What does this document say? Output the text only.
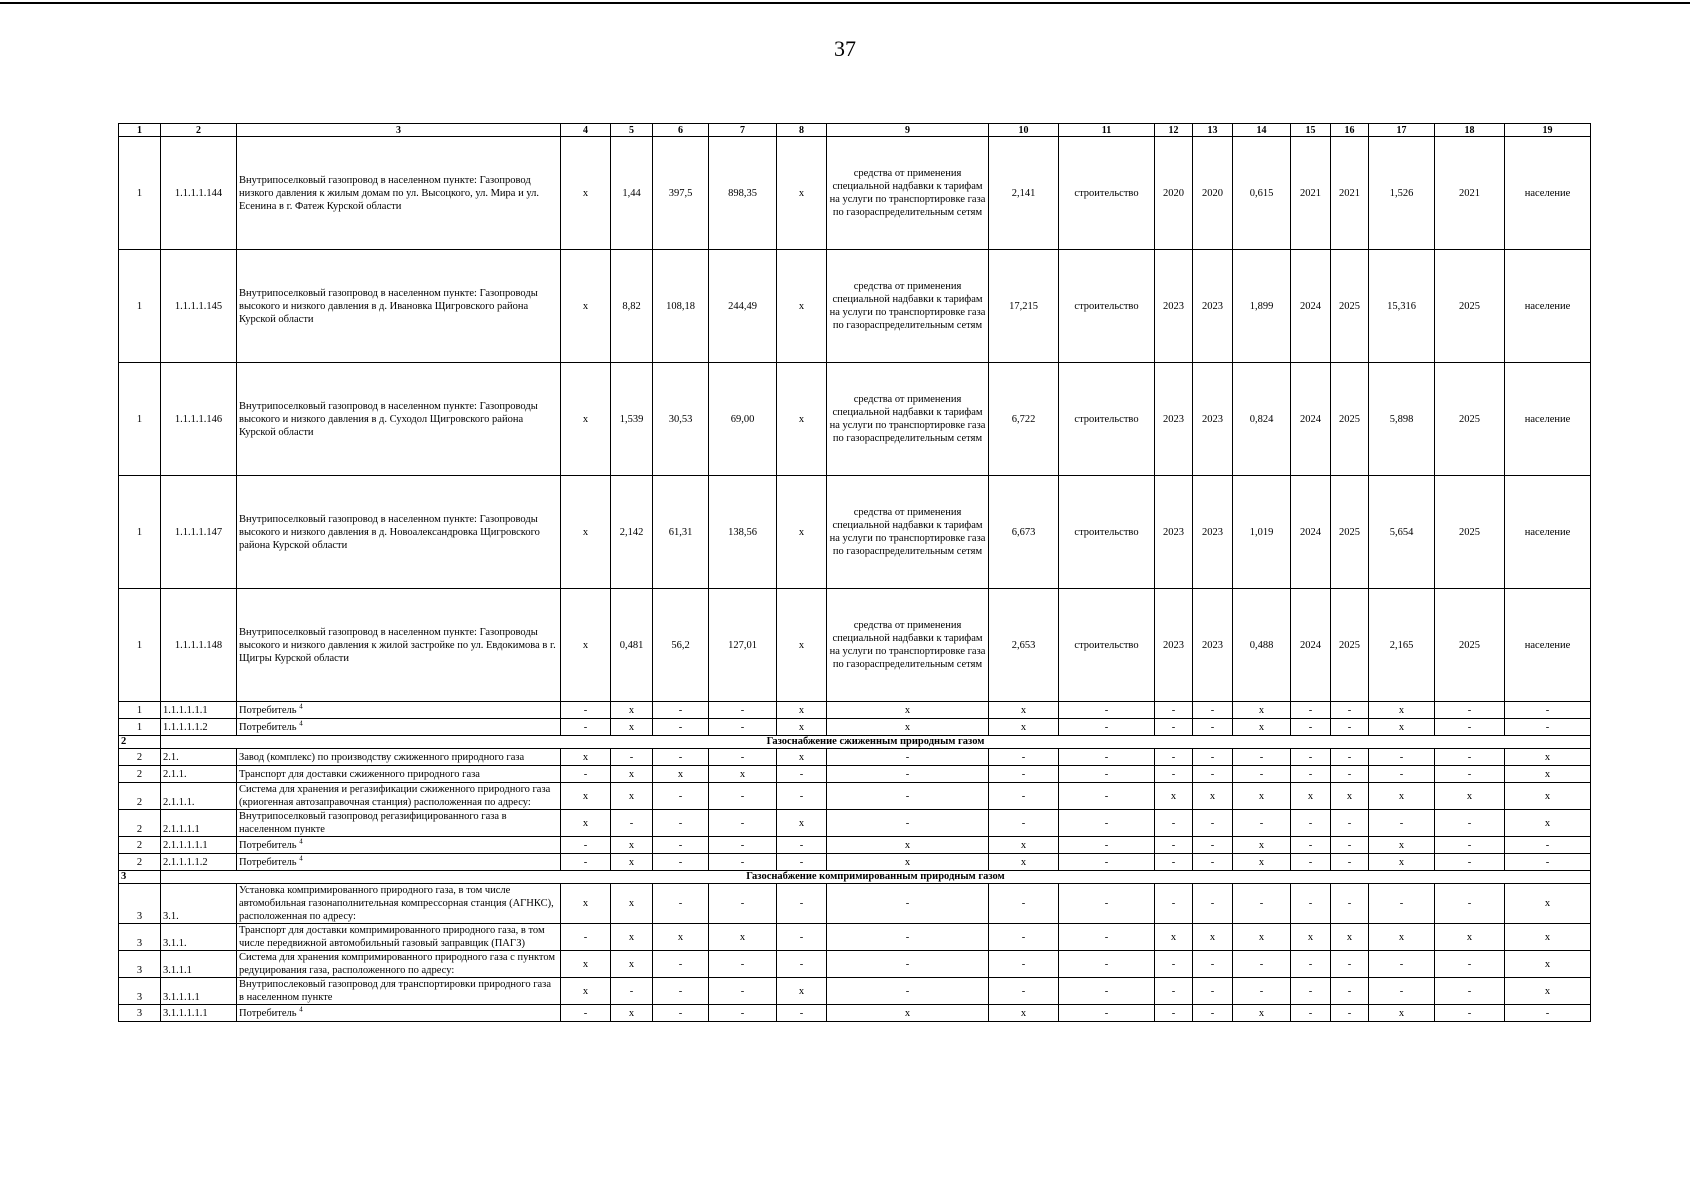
37
1	2	3	4	5	6	7	8	9	10	11	12	13	14	15	16	17	18	19
1	1.1.1.1.144	Внутрипоселковый газопровод в населенном пункте: Газопровод низкого давления к жилым домам по ул. Высоцкого, ул. Мира и ул. Есенина в г. Фатеж Курской области	x	1,44	397,5	898,35	x	средства от применения специальной надбавки к тарифам на услуги по транспортировке газа по газораспределительным сетям	2,141	строительство	2020	2020	0,615	2021	2021	1,526	2021	население
1	1.1.1.1.145	Внутрипоселковый газопровод в населенном пункте: Газопроводы высокого и низкого давления в д. Ивановка Щигровского района Курской области	x	8,82	108,18	244,49	x	средства от применения специальной надбавки к тарифам на услуги по транспортировке газа по газораспределительным сетям	17,215	строительство	2023	2023	1,899	2024	2025	15,316	2025	население
1	1.1.1.1.146	Внутрипоселковый газопровод в населенном пункте: Газопроводы высокого и низкого давления в д. Суходол Щигровского района Курской области	x	1,539	30,53	69,00	x	средства от применения специальной надбавки к тарифам на услуги по транспортировке газа по газораспределительным сетям	6,722	строительство	2023	2023	0,824	2024	2025	5,898	2025	население
1	1.1.1.1.147	Внутрипоселковый газопровод в населенном пункте: Газопроводы высокого и низкого давления в д. Новоалександровка Щигровского района Курской области	x	2,142	61,31	138,56	x	средства от применения специальной надбавки к тарифам на услуги по транспортировке газа по газораспределительным сетям	6,673	строительство	2023	2023	1,019	2024	2025	5,654	2025	население
1	1.1.1.1.148	Внутрипоселковый газопровод в населенном пункте: Газопроводы высокого и низкого давления к жилой застройке по ул. Евдокимова в г. Щигры Курской области	x	0,481	56,2	127,01	x	средства от применения специальной надбавки к тарифам на услуги по транспортировке газа по газораспределительным сетям	2,653	строительство	2023	2023	0,488	2024	2025	2,165	2025	население
1	1.1.1.1.1.1	Потребитель $^4$	-	x	-	-	x	x	x	-	-	-	x	-	-	x	-	-
1	1.1.1.1.1.2	Потребитель $^4$	-	x	-	-	x	x	x	-	-	-	x	-	-	x	-	-
2	Газоснабжение сжиженным природным газом																	
2	2.1.	Завод (комплекс) по производству сжиженного природного газа	x	-	-	-	x	-	-	-	-	-	-	-	-	-	-	x
2	2.1.1.	Транспорт для доставки сжиженного природного газа	-	x	x	x	-	-	-	-	-	-	-	-	-	-	-	x
2	2.1.1.1.	Система для хранения и регазификации сжиженного природного газа (криогенная автозаправочная станция) расположенная по адресу:	x	x	-	-	-	-	-	-	x	x	x	x	x	x	x	x
2	2.1.1.1.1	Внутрипоселковый газопровод регазифицированного газа в населенном пункте	x	-	-	-	x	-	-	-	-	-	-	-	-	-	-	x
2	2.1.1.1.1.1	Потребитель $^4$	-	x	-	-	-	x	x	-	-	-	x	-	-	x	-	-
2	2.1.1.1.1.2	Потребитель $^4$	-	x	-	-	-	x	x	-	-	-	x	-	-	x	-	-
3	Газоснабжение компримированным природным газом																	
3	3.1.	Установка компримированного природного газа, в том числе автомобильная газонаполнительная компрессорная станция (АГНКС), расположенная по адресу:	x	x	-	-	-	-	-	-	-	-	-	-	-	-	-	x
3	3.1.1.	Транспорт для доставки компримированного природного газа, в том числе передвижной автомобильный газовый заправщик (ПАГЗ)	-	x	x	x	-	-	-	-	x	x	x	x	x	x	x	x
3	3.1.1.1	Система для хранения компримированного природного газа с пунктом редуцирования газа, расположенного по адресу:	x	x	-	-	-	-	-	-	-	-	-	-	-	-	-	x
3	3.1.1.1.1	Внутрипослековый газопровод для транспортировки природного газа в населенном пункте	x	-	-	-	x	-	-	-	-	-	-	-	-	-	-	x
3	3.1.1.1.1.1	Потребитель $^4$	-	x	-	-	-	x	x	-	-	-	x	-	-	x	-	-
